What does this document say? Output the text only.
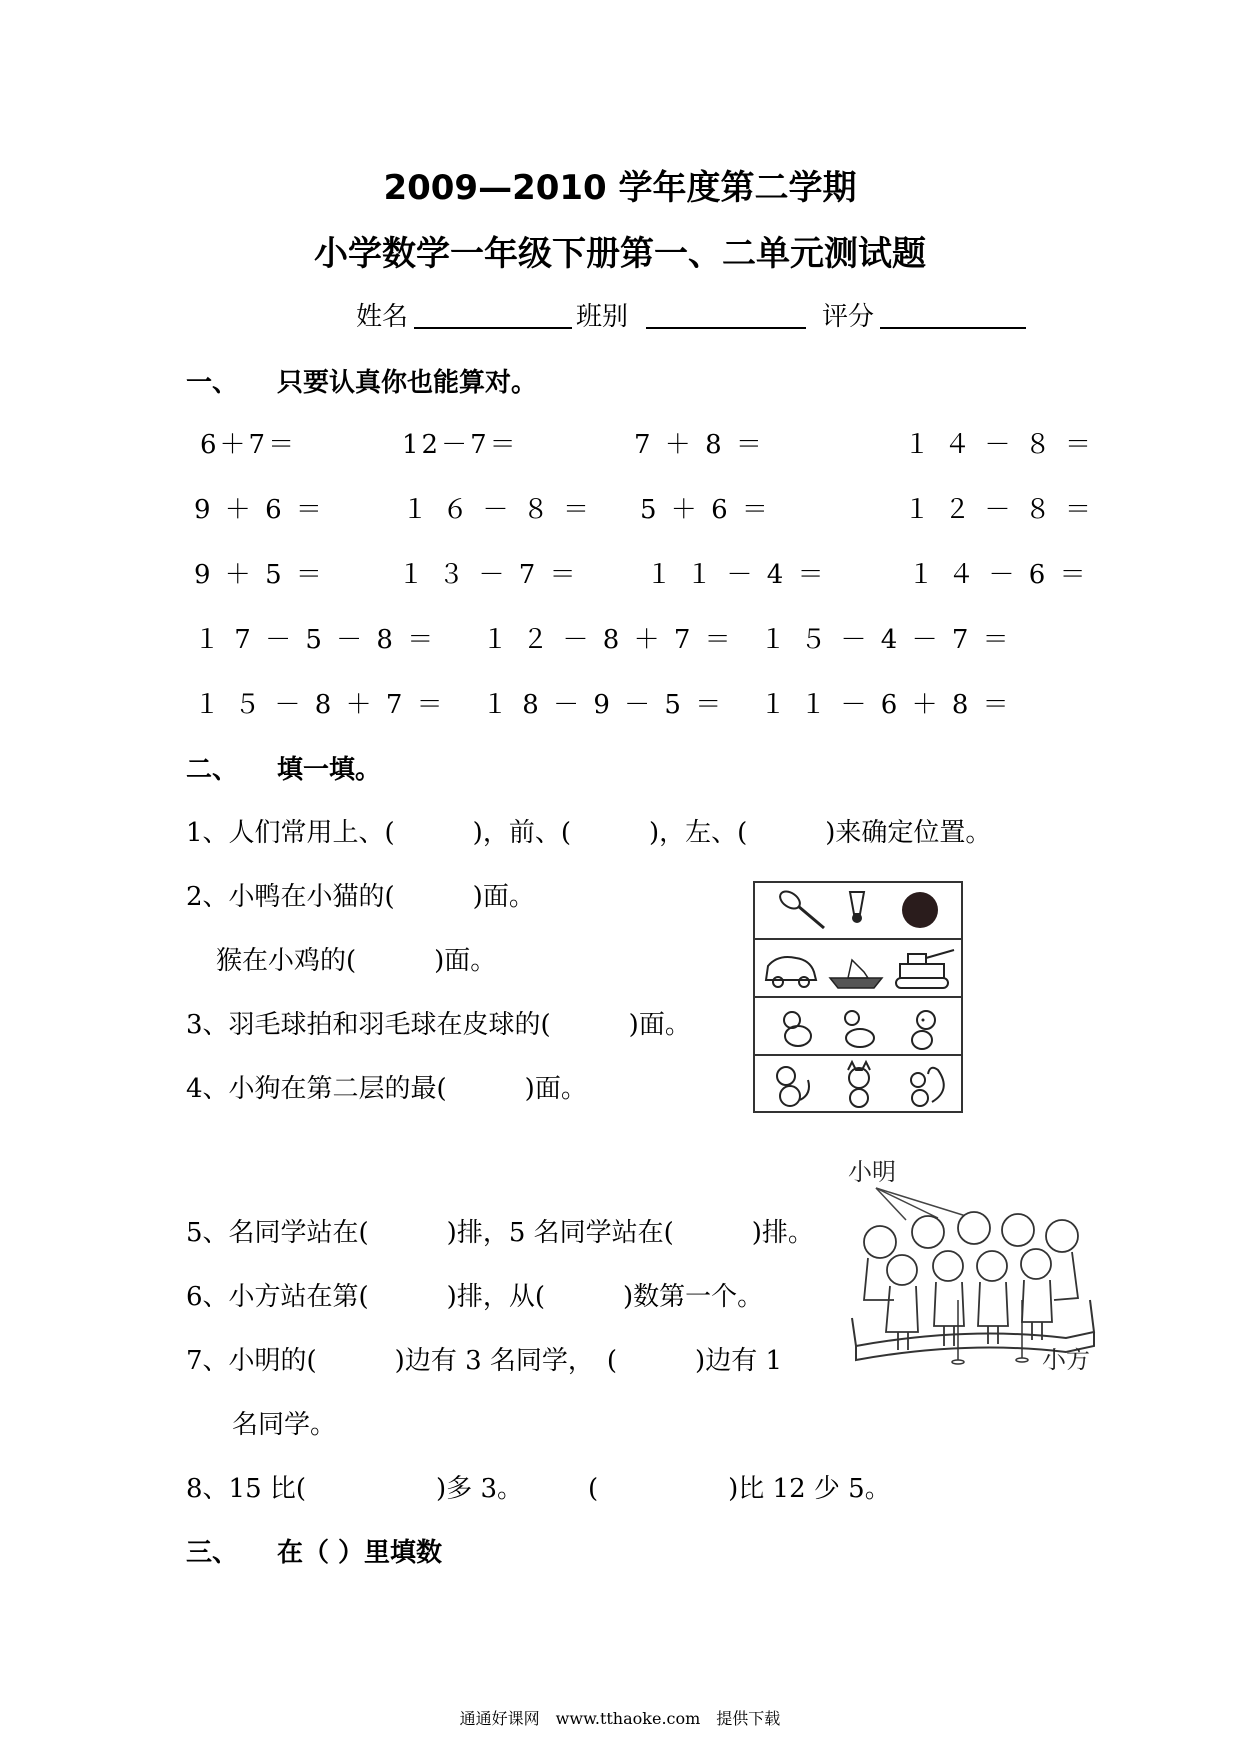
2009—2010 学年度第二学期
小学数学一年级下册第一、二单元测试题
姓名	班别	评分
一、　　只要认真你也能算对。
6＋7＝	12－7＝	7 ＋ 8 ＝	１ ４ － ８ ＝
9 ＋ 6 ＝	１ ６ － ８ ＝ 5 ＋ 6 ＝	１ ２ － ８ ＝
9 ＋ 5 ＝	１ ３ － 7 ＝	１ １ － 4 ＝	１ ４ － 6 ＝
１ 7 － 5 － 8 ＝ １ ２ － 8 ＋ 7 ＝ １ ５ － 4 － 7 ＝
１ ５ － 8 ＋ 7 ＝ １ 8 － 9 － 5 ＝ １ １ － 6 ＋ 8 ＝
二、　　填一填。
1、人们常用上、(　　　)，前、(　　　)，左、(　　　)来确定位置。
2、小鸭在小猫的(　　　)面。
猴在小鸡的(　　　)面。
3、羽毛球拍和羽毛球在皮球的(　　　)面。
4、小狗在第二层的最(　　　)面。
小明
小方
5、名同学站在(　　　)排，5 名同学站在(　　　)排。
6、小方站在第(　　　)排，从(　　　)数第一个。
7、小明的(　　　)边有 3 名同学，　(　　　)边有 1
名同学。
8、15 比(　　　　　)多 3。　　　(　　　　　)比 12 少 5。
三、　　在（ ）里填数
通通好课网　www.tthaoke.com　提供下载
